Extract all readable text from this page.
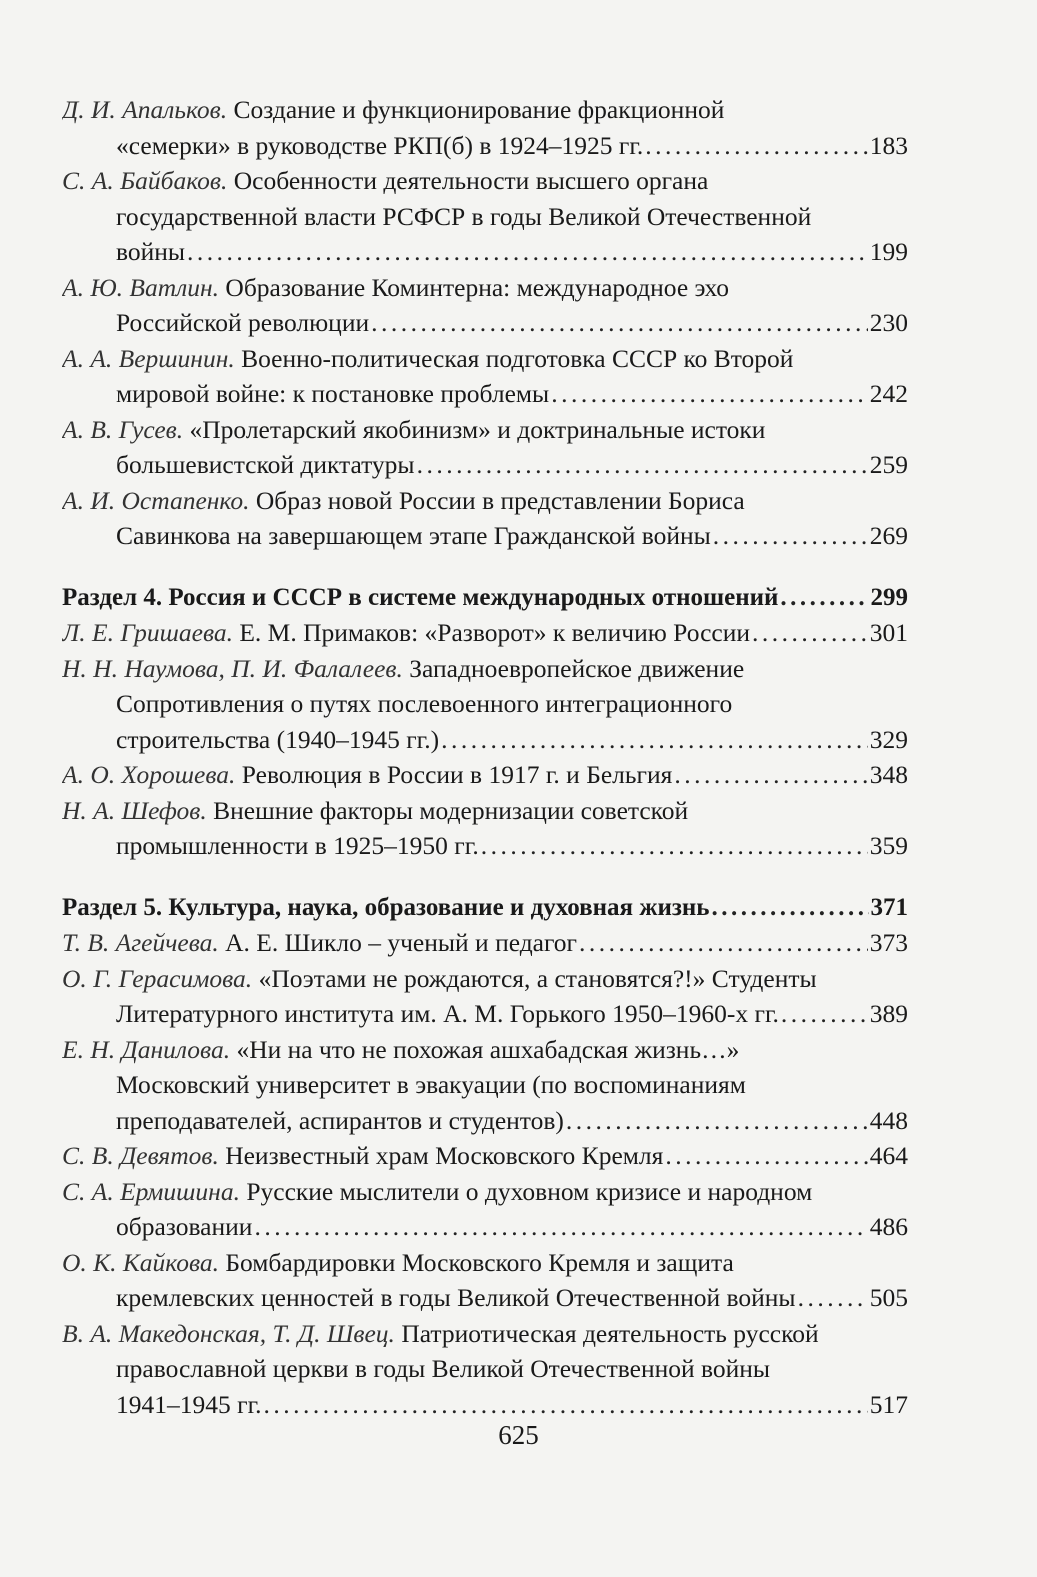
Д. И. Апальков. Создание и функционирование фракционной
«семерки» в руководстве РКП(б) в 1924–1925 гг. .....	183
С. А. Байбаков. Особенности деятельности высшего органа
государственной власти РСФСР в годы Великой Отечественной
войны .....	199
А. Ю. Ватлин. Образование Коминтерна: международное эхо
Российской революции .....	230
А. А. Вершинин. Военно-политическая подготовка СССР ко Второй
мировой войне: к постановке проблемы .....	242
А. В. Гусев. «Пролетарский якобинизм» и доктринальные истоки
большевистской диктатуры .....	259
А. И. Остапенко. Образ новой России в представлении Бориса
Савинкова на завершающем этапе Гражданской войны .....	269
Раздел 4. Россия и СССР в системе международных отношений .....	299
Л. Е. Гришаева. Е. М. Примаков: «Разворот» к величию России .....	301
Н. Н. Наумова, П. И. Фалалеев. Западноевропейское движение
Сопротивления о путях послевоенного интеграционного
строительства (1940–1945 гг.) .....	329
А. О. Хорошева. Революция в России в 1917 г. и Бельгия .....	348
Н. А. Шефов. Внешние факторы модернизации советской
промышленности в 1925–1950 гг. .....	359
Раздел 5. Культура, наука, образование и духовная жизнь .....	371
Т. В. Агейчева. А. Е. Шикло – ученый и педагог .....	373
О. Г. Герасимова. «Поэтами не рождаются, а становятся?!» Студенты
Литературного института им. А. М. Горького 1950–1960-х гг. .....	389
Е. Н. Данилова. «Ни на что не похожая ашхабадская жизнь…»
Московский университет в эвакуации (по воспоминаниям
преподавателей, аспирантов и студентов) .....	448
С. В. Девятов. Неизвестный храм Московского Кремля .....	464
С. А. Ермишина. Русские мыслители о духовном кризисе и народном
образовании .....	486
О. К. Кайкова. Бомбардировки Московского Кремля и защита
кремлевских ценностей в годы Великой Отечественной войны .....	505
В. А. Македонская, Т. Д. Швец. Патриотическая деятельность русской
православной церкви в годы Великой Отечественной войны
1941–1945 гг. .....	517
625
